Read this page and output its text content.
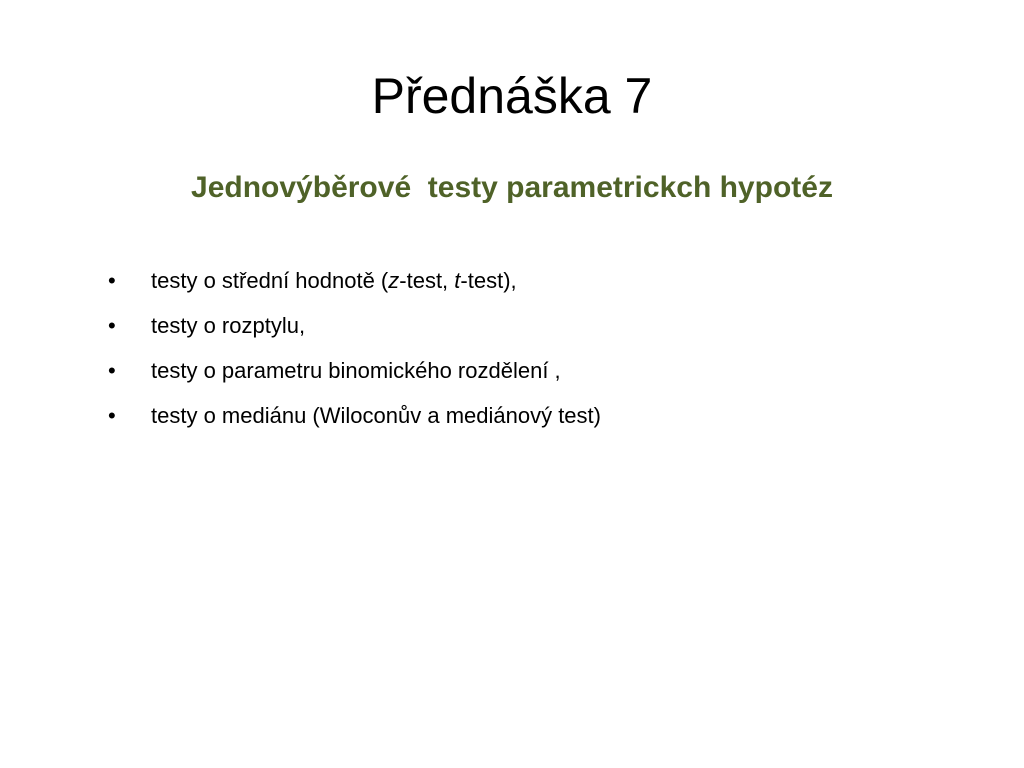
Přednáška 7
Jednovýběrové  testy parametrickch hypotéz
• testy o střední hodnotě (z-test, t-test),
• testy o rozptylu,
• testy o parametru binomického rozdělení ,
• testy o mediánu (Wiloconův a mediánový test)
